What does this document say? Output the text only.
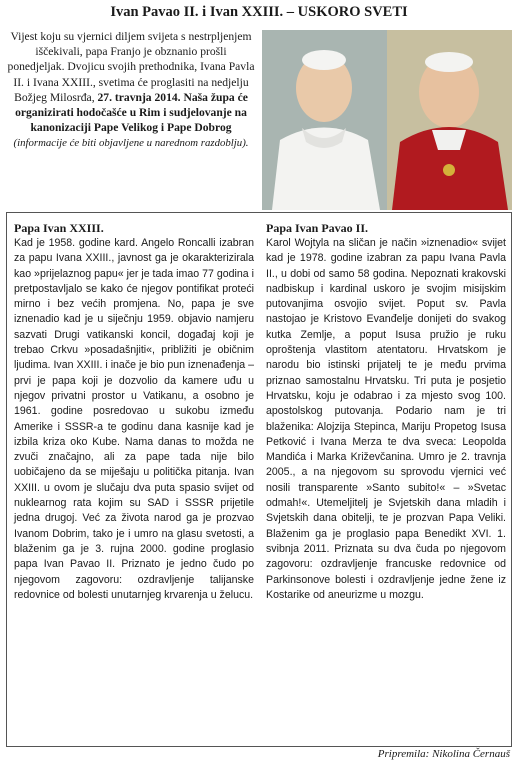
Ivan Pavao II. i Ivan XXIII. – USKORO SVETI
Vijest koju su vjernici diljem svijeta s nestrpljenjem iščekivali, papa Franjo je obznanio prošli ponedjeljak. Dvojicu svojih prethodnika, Ivana Pavla II. i Ivana XXIII., svetima će proglasiti na nedjelju Božjeg Milosrđa, 27. travnja 2014. Naša župa će organizirati hodočašće u Rim i sudjelovanje na kanonizaciji Pape Velikog i Pape Dobrog (informacije će biti objavljene u narednom razdoblju).
Papa Ivan XXIII.

Kad je 1958. godine kard. Angelo Roncalli izabran za papu Ivana XXIII., javnost ga je okarakterizirala kao »prijelaznog papu« jer je tada imao 77 godina i pretpostavljalo se kako će njegov pontifikat proteći mirno i bez većih promjena. No, papa je sve iznenadio kad je u siječnju 1959. objavio namjeru sazvati Drugi vatikanski koncil, događaj koji je trebao Crkvu »posadašnjiti«, približiti je običnim ljudima. Ivan XXIII. i inače je bio pun iznenađenja – prvi je papa koji je dozvolio da kamere uđu u njegov privatni prostor u Vatikanu, a osobno je 1961. godine posredovao u sukobu između Amerike i SSSR-a te godinu dana kasnije kad je izbila kriza oko Kube. Nama danas to možda ne zvuči značajno, ali za pape tada nije bilo uobičajeno da se miješaju u politička pitanja. Ivan XXIII. u ovom je slučaju dva puta spasio svijet od nuklearnog rata kojim su SAD i SSSR prijetile jedna drugoj. Već za života narod ga je prozvao Ivanom Dobrim, tako je i umro na glasu svetosti, a blaženim ga je 3. rujna 2000. godine proglasio papa Ivan Pavao II. Priznato je jedno čudo po njegovom zagovoru: ozdravljenje talijanske redovnice od bolesti unutarnjeg krvarenja u želucu.

Papa Ivan Pavao II.

Karol Wojtyla na sličan je način »iznenadio« svijet kad je 1978. godine izabran za papu Ivana Pavla II., u dobi od samo 58 godina. Nepoznati krakovski nadbiskup i kardinal uskoro je svojim misijskim putovanjima osvojio svijet. Poput sv. Pavla nastojao je Kristovo Evanđelje donijeti do svakog kutka Zemlje, a poput Isusa pružio je ruku oproštenja vlastitom atentatoru. Hrvatskom je narodu bio istinski prijatelj te je među prvima priznao samostalnu Hrvatsku. Tri puta je posjetio Hrvatsku, koju je odabrao i za mjesto svog 100. apostolskog putovanja. Podario nam je tri blaženika: Alojzija Stepinca, Mariju Propetog Isusa Petković i Ivana Merza te dva sveca: Leopolda Mandića i Marka Križevčanina. Umro je 2. travnja 2005., a na njegovom su sprovodu vjernici već nosili transparente »Santo subito!« – »Svetac odmah!«. Utemeljitelj je Svjetskih dana mladih i Svjetskih dana obitelji, te je prozvan Papa Veliki. Blaženim ga je proglasio papa Benedikt XVI. 1. svibnja 2011. Priznata su dva čuda po njegovom zagovoru: ozdravljenje francuske redovnice od Parkinsonove bolesti i ozdravljenje jedne žene iz Kostarike od aneurizme u mozgu.

Pripremila: Nikolina Černauš
